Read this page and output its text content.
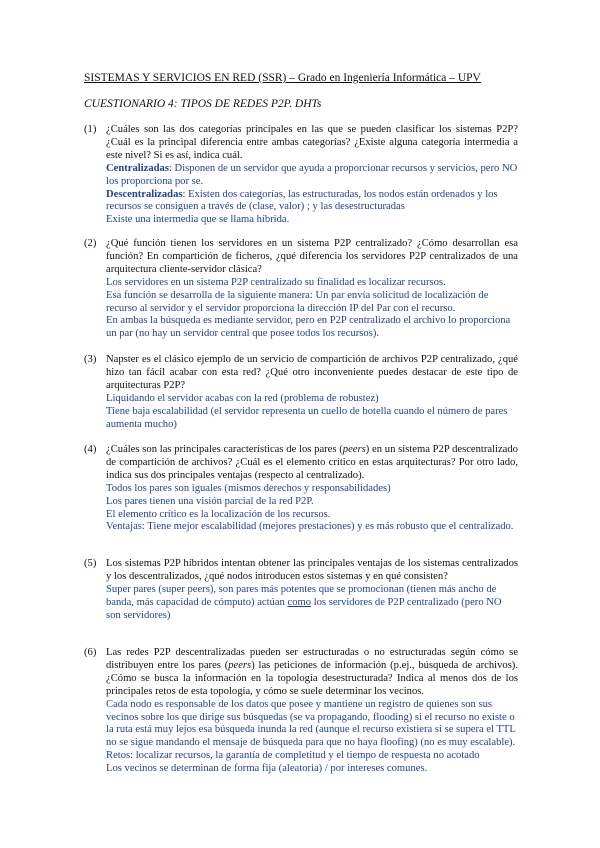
SISTEMAS Y SERVICIOS EN RED (SSR) – Grado en Ingeniería Informática – UPV
CUESTIONARIO 4: TIPOS DE REDES P2P. DHTs
(1) ¿Cuáles son las dos categorías principales en las que se pueden clasificar los sistemas P2P? ¿Cuál es la principal diferencia entre ambas categorías? ¿Existe alguna categoría intermedia a este nivel? Si es así, indica cuál.
Centralizadas: Disponen de un servidor que ayuda a proporcionar recursos y servicios, pero NO los proporciona por se.
Descentralizadas: Existen dos categorías, las estructuradas, los nodos están ordenados y los recursos se consiguen a través de (clase, valor) ; y las desestructuradas
Existe una intermedia que se llama híbrida.
(2) ¿Qué función tienen los servidores en un sistema P2P centralizado? ¿Cómo desarrollan esa función? En compartición de ficheros, ¿qué diferencia los servidores P2P centralizados de una arquitectura cliente-servidor clásica?
Los servidores en un sistema P2P centralizado su finalidad es localizar recursos.
Esa función se desarrolla de la siguiente manera: Un par envía solicitud de localización de recurso al servidor y el servidor proporciona la dirección IP del Par con el recurso.
En ambas la búsqueda es mediante servidor, pero en P2P centralizado el archivo lo proporciona un par (no hay un servidor central que posee todos los recursos).
(3) Napster es el clásico ejemplo de un servicio de compartición de archivos P2P centralizado, ¿qué hizo tan fácil acabar con esta red? ¿Qué otro inconveniente puedes destacar de este tipo de arquitecturas P2P?
Liquidando el servidor acabas con la red (problema de robustez)
Tiene baja escalabilidad (el servidor representa un cuello de botella cuando el número de pares aumenta mucho)
(4) ¿Cuáles son las principales características de los pares (peers) en un sistema P2P descentralizado de compartición de archivos? ¿Cuál es el elemento crítico en estas arquitecturas? Por otro lado, indica sus dos principales ventajas (respecto al centralizado).
Todos los pares son iguales (mismos derechos y responsabilidades)
Los pares tienen una visión parcial de la red P2P.
El elemento crítico es la localización de los recursos.
Ventajas: Tiene mejor escalabilidad (mejores prestaciones) y es más robusto que el centralizado.
(5) Los sistemas P2P híbridos intentan obtener las principales ventajas de los sistemas centralizados y los descentralizados, ¿qué nodos introducen estos sistemas y en qué consisten?
Super pares (super peers), son pares más potentes que se promocionan (tienen más ancho de banda, más capacidad de cómputo) actúan como los servidores de P2P centralizado (pero NO son servidores)
(6) Las redes P2P descentralizadas pueden ser estructuradas o no estructuradas según cómo se distribuyen entre los pares (peers) las peticiones de información (p.ej., búsqueda de archivos). ¿Cómo se busca la información en la topología desestructurada? Indica al menos dos de los principales retos de esta topología, y cómo se suele determinar los vecinos.
Cada nodo es responsable de los datos que posee y mantiene un registro de quienes son sus vecinos sobre los que dirige sus búsquedas (se va propagando, flooding) si el recurso no existe o la ruta está muy lejos esa búsqueda inunda la red (aunque el recurso existiera si se supera el TTL no se sigue mandando el mensaje de búsqueda para que no haya floofing) (no es muy escalable).
Retos: localizar recursos, la garantía de completitud y el tiempo de respuesta no acotado
Los vecinos se determinan de forma fija (aleatoria) / por intereses comunes.
